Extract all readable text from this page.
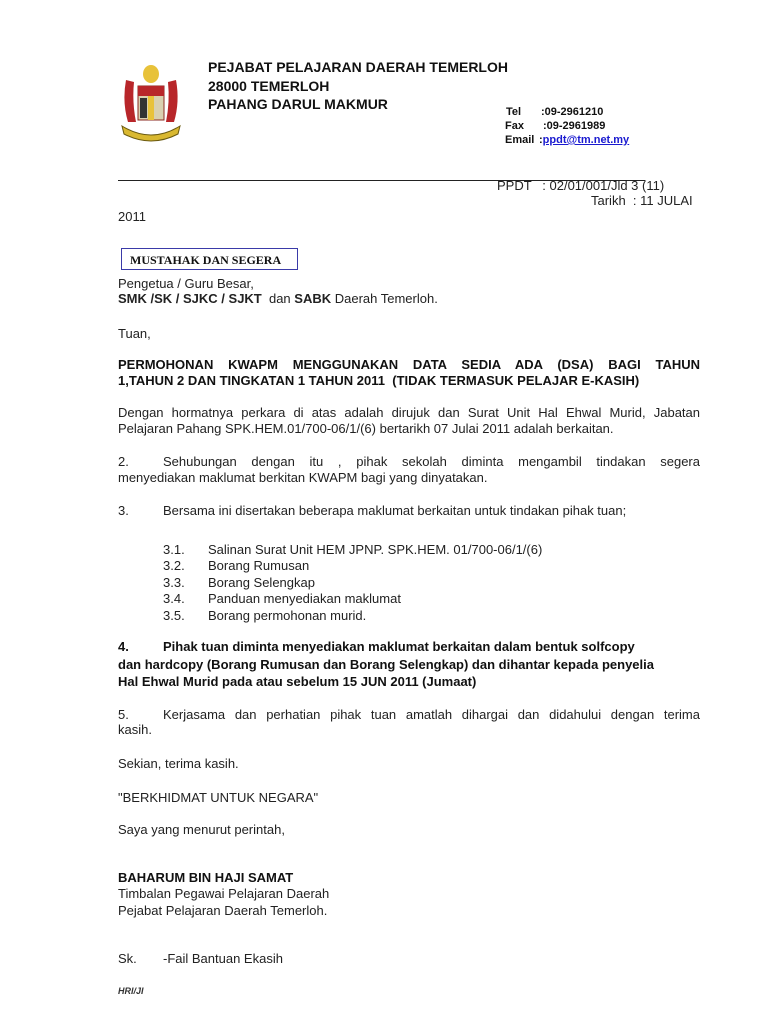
PEJABAT PELAJARAN DAERAH TEMERLOH
28000 TEMERLOH
PAHANG DARUL MAKMUR	Tel :09-2961210
Fax :09-2961989
Email :ppdt@tm.net.my
PPDT   : 02/01/001/Jld 3 (11)
Tarikh  : 11 JULAI
2011
MUSTAHAK DAN SEGERA
Pengetua / Guru Besar,
SMK /SK / SJKC / SJKT  dan SABK Daerah Temerloh.
Tuan,
PERMOHONAN KWAPM MENGGUNAKAN DATA SEDIA ADA (DSA) BAGI TAHUN
1,TAHUN 2 DAN TINGKATAN 1 TAHUN 2011  (TIDAK TERMASUK PELAJAR E-KASIH)
Dengan hormatnya perkara di atas adalah dirujuk dan Surat Unit Hal Ehwal Murid, Jabatan
Pelajaran Pahang SPK.HEM.01/700-06/1/(6) bertarikh 07 Julai 2011 adalah berkaitan.
2.	Sehubungan dengan itu , pihak sekolah diminta mengambil tindakan segera
menyediakan maklumat berkitan KWAPM bagi yang dinyatakan.
3.	Bersama ini disertakan beberapa maklumat berkaitan untuk tindakan pihak tuan;
3.1. Salinan Surat Unit HEM JPNP. SPK.HEM. 01/700-06/1/(6)
3.2. Borang Rumusan
3.3. Borang Selengkap
3.4. Panduan menyediakan maklumat
3.5. Borang permohonan murid.
4.	Pihak tuan diminta menyediakan maklumat berkaitan dalam bentuk solfcopy
dan hardcopy (Borang Rumusan dan Borang Selengkap) dan dihantar kepada penyelia
Hal Ehwal Murid pada atau sebelum 15 JUN 2011 (Jumaat)
5.	Kerjasama dan perhatian pihak tuan amatlah dihargai dan didahului dengan terima
kasih.
Sekian, terima kasih.
"BERKHIDMAT UNTUK NEGARA"
Saya yang menurut perintah,
BAHARUM BIN HAJI SAMAT
Timbalan Pegawai Pelajaran Daerah
Pejabat Pelajaran Daerah Temerloh.
Sk. -Fail Bantuan Ekasih
HRI/JI
